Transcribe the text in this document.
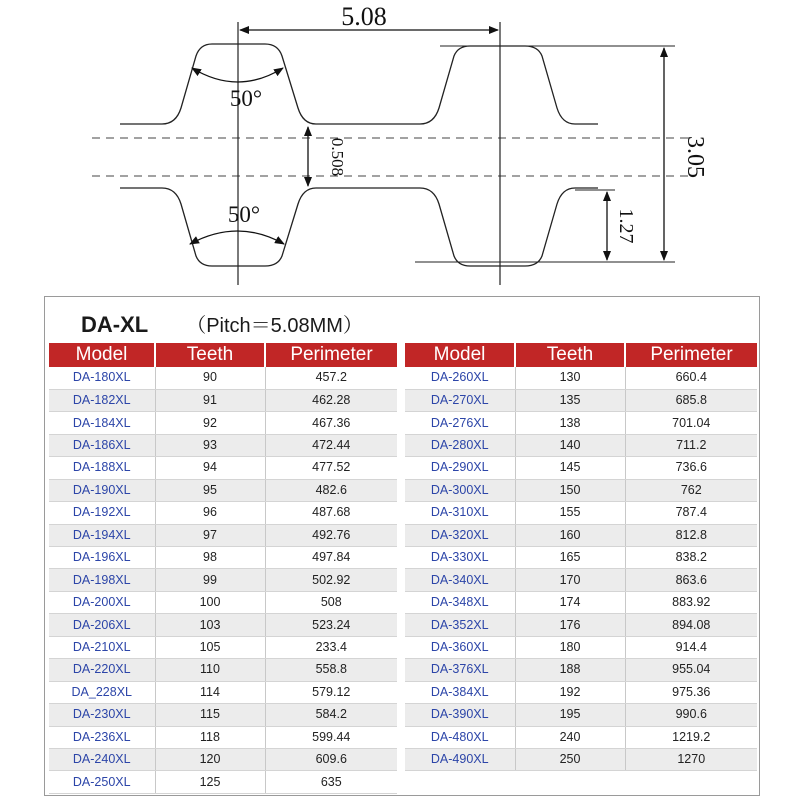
5.08
50°
50°
0.508	3.05
1.27
DA-XL （Pitch＝5.08MM）
Model	Teeth	Perimeter
DA-180XL	90	457.2
DA-182XL	91	462.28
DA-184XL	92	467.36
DA-186XL	93	472.44
DA-188XL	94	477.52
DA-190XL	95	482.6
DA-192XL	96	487.68
DA-194XL	97	492.76
DA-196XL	98	497.84
DA-198XL	99	502.92
DA-200XL	100	508
DA-206XL	103	523.24
DA-210XL	105	233.4
DA-220XL	110	558.8
DA_228XL	114	579.12
DA-230XL	115	584.2
DA-236XL	118	599.44
DA-240XL	120	609.6
DA-250XL	125	635
Model	Teeth	Perimeter
DA-260XL	130	660.4
DA-270XL	135	685.8
DA-276XL	138	701.04
DA-280XL	140	711.2
DA-290XL	145	736.6
DA-300XL	150	762
DA-310XL	155	787.4
DA-320XL	160	812.8
DA-330XL	165	838.2
DA-340XL	170	863.6
DA-348XL	174	883.92
DA-352XL	176	894.08
DA-360XL	180	914.4
DA-376XL	188	955.04
DA-384XL	192	975.36
DA-390XL	195	990.6
DA-480XL	240	1219.2
DA-490XL	250	1270
